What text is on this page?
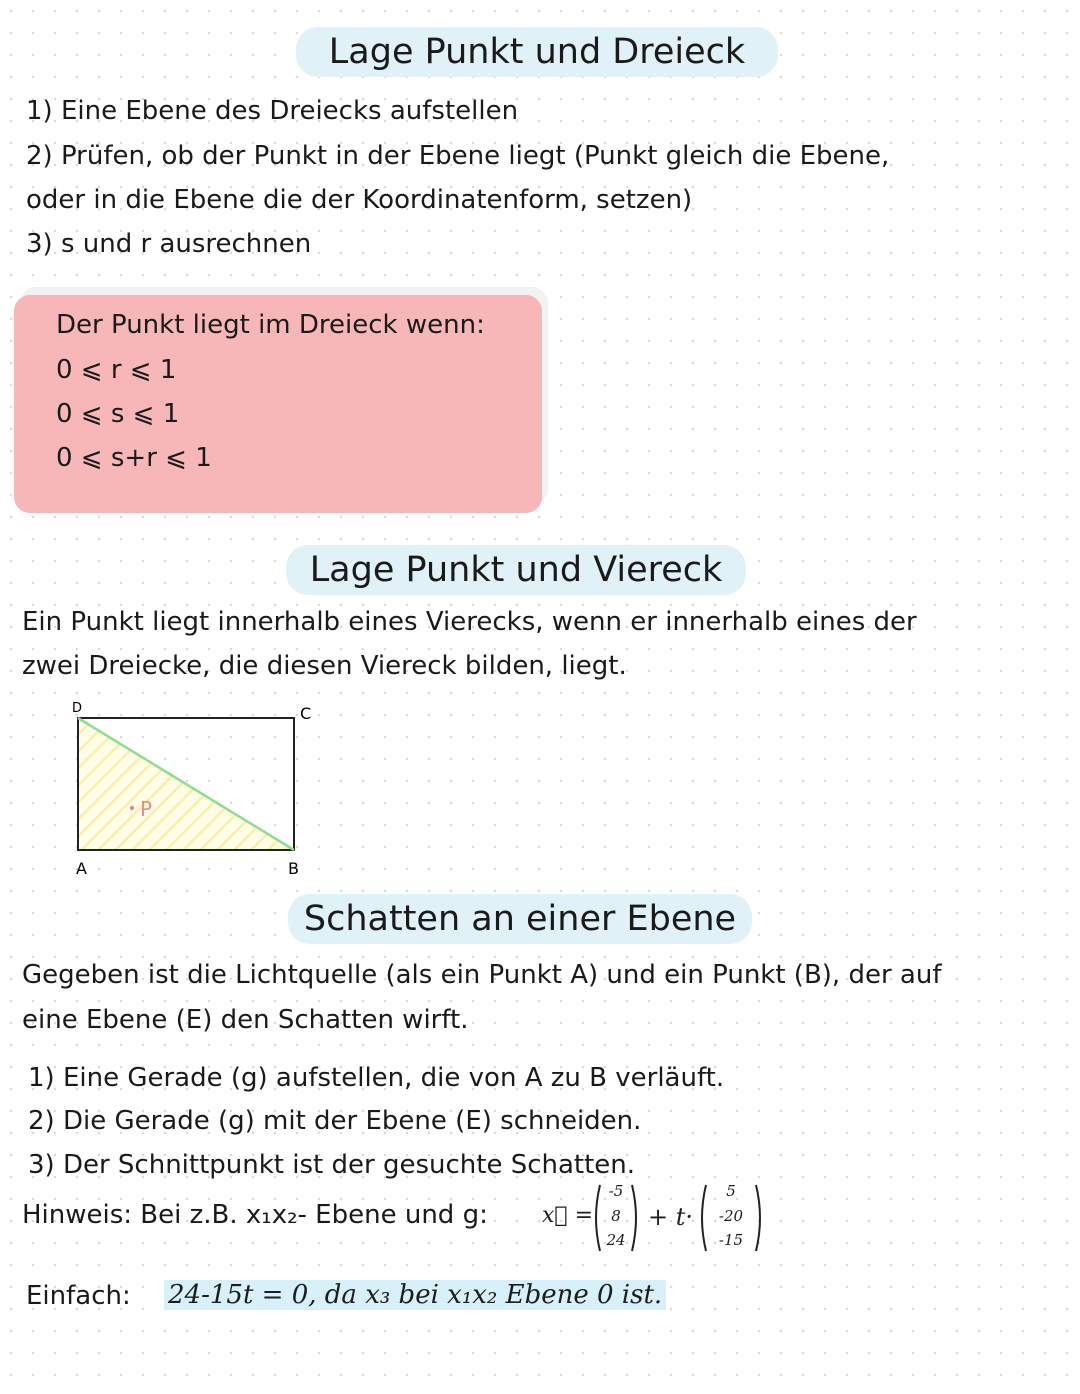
Lage Punkt und Dreieck
1) Eine Ebene des Dreiecks aufstellen
2) Prüfen, ob der Punkt in der Ebene liegt (Punkt gleich die Ebene,
oder in die Ebene die der Koordinatenform, setzen)
3) s und r ausrechnen
Der Punkt liegt im Dreieck wenn:
0 ⩽ r ⩽ 1
0 ⩽ s ⩽ 1
0 ⩽ s+r ⩽ 1
Lage Punkt und Viereck
Ein Punkt liegt innerhalb eines Vierecks, wenn er innerhalb eines der
zwei Dreiecke, die diesen Viereck bilden, liegt.
P
D	C
A	B
Schatten an einer Ebene
Gegeben ist die Lichtquelle (als ein Punkt A) und ein Punkt (B), der auf
eine Ebene (E) den Schatten wirft.
1) Eine Gerade (g) aufstellen, die von A zu B verläuft.
2) Die Gerade (g) mit der Ebene (E) schneiden.
3) Der Schnittpunkt ist der gesuchte Schatten.
Hinweis: Bei z.B. x₁x₂- Ebene und g: x⃗ =
-5
8
24
+ t·
5
-20
-15
Einfach: 24-15t = 0, da x₃ bei x₁x₂ Ebene 0 ist.
